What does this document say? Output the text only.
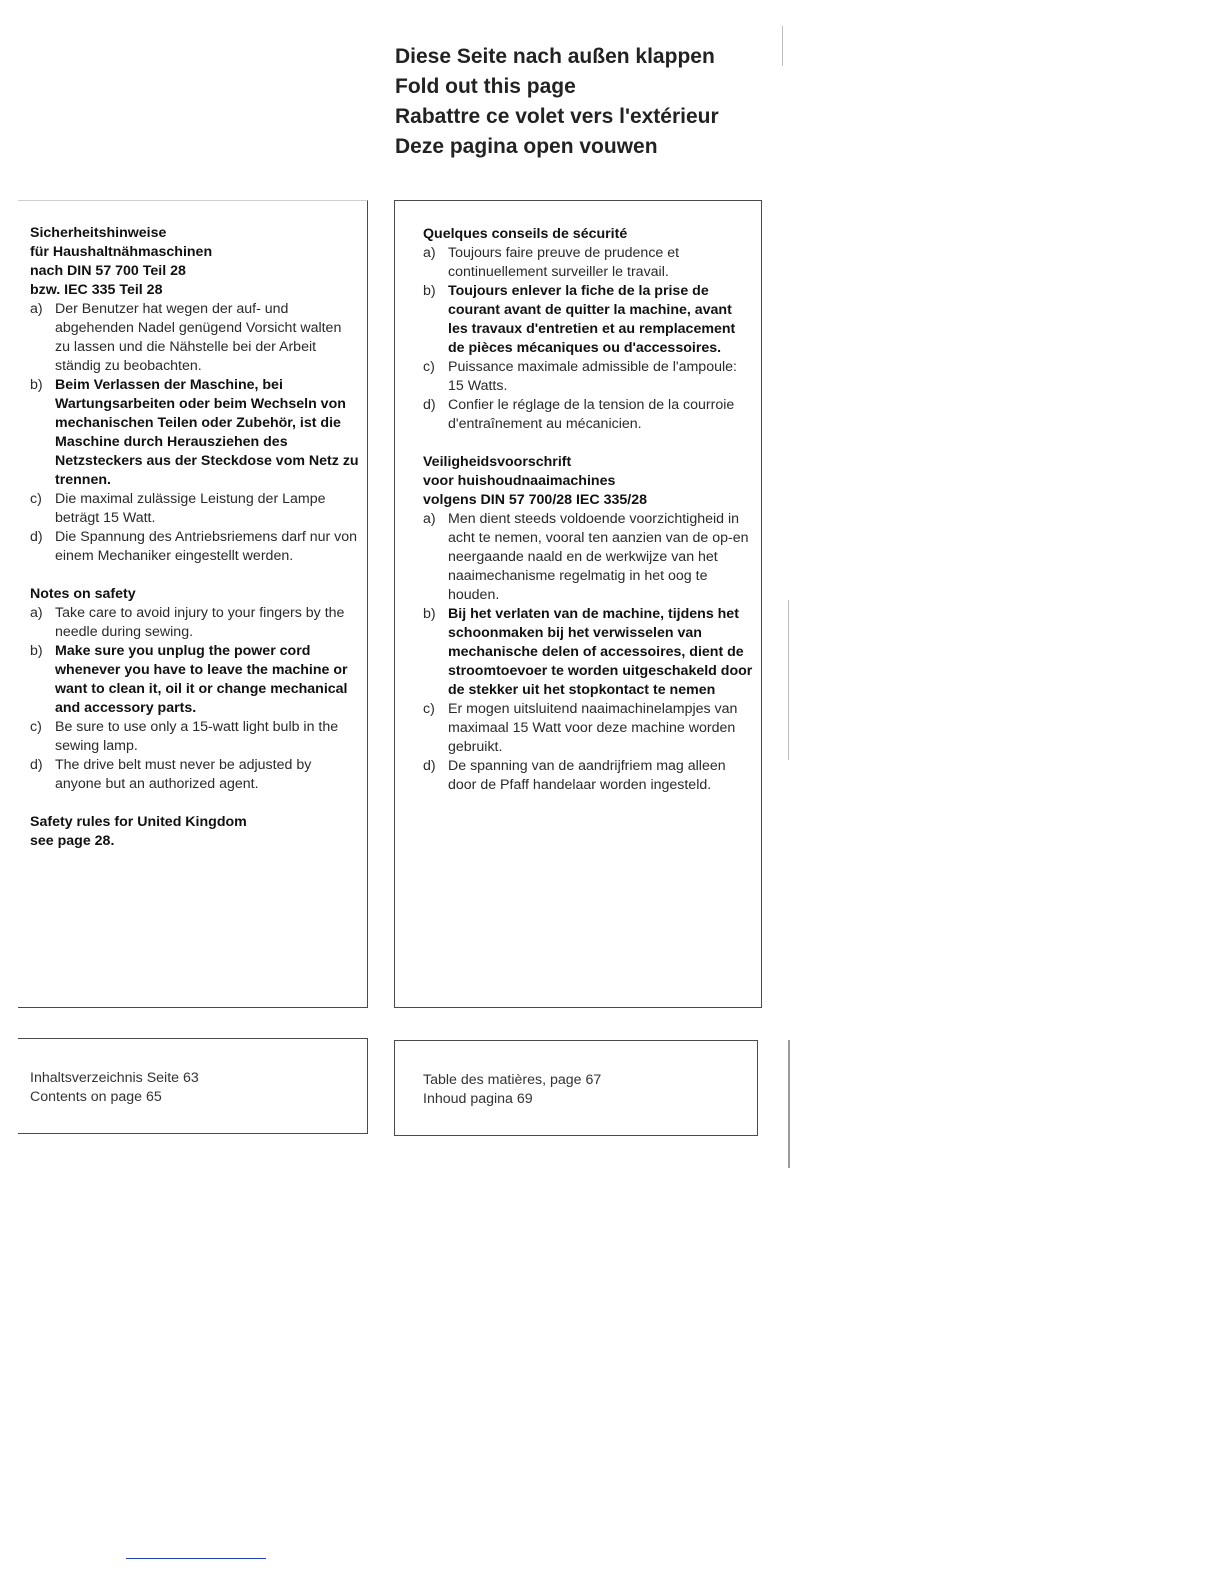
Diese Seite nach außen klappen
Fold out this page
Rabattre ce volet vers l'extérieur
Deze pagina open vouwen
Sicherheitshinweise
für Haushaltnähmaschinen
nach DIN 57 700 Teil 28
bzw. IEC 335 Teil 28
a) Der Benutzer hat wegen der auf- und abgehenden Nadel genügend Vorsicht walten zu lassen und die Nähstelle bei der Arbeit ständig zu beobachten.
b) Beim Verlassen der Maschine, bei Wartungsarbeiten oder beim Wechseln von mechanischen Teilen oder Zubehör, ist die Maschine durch Herausziehen des Netzsteckers aus der Steckdose vom Netz zu trennen.
c) Die maximal zulässige Leistung der Lampe beträgt 15 Watt.
d) Die Spannung des Antriebsriemens darf nur von einem Mechaniker eingestellt werden.
Notes on safety
a) Take care to avoid injury to your fingers by the needle during sewing.
b) Make sure you unplug the power cord whenever you have to leave the machine or want to clean it, oil it or change mechanical and accessory parts.
c) Be sure to use only a 15-watt light bulb in the sewing lamp.
d) The drive belt must never be adjusted by anyone but an authorized agent.
Safety rules for United Kingdom
see page 28.
Quelques conseils de sécurité
a) Toujours faire preuve de prudence et continuellement surveiller le travail.
b) Toujours enlever la fiche de la prise de courant avant de quitter la machine, avant les travaux d'entretien et au remplacement de pièces mécaniques ou d'accessoires.
c) Puissance maximale admissible de l'ampoule: 15 Watts.
d) Confier le réglage de la tension de la courroie d'entraînement au mécanicien.
Veiligheidsvoorschrift
voor huishoudnaaimachines
volgens DIN 57 700/28 IEC 335/28
a) Men dient steeds voldoende voorzichtigheid in acht te nemen, vooral ten aanzien van de op-en neergaande naald en de werkwijze van het naaimechanisme regelmatig in het oog te houden.
b) Bij het verlaten van de machine, tijdens het schoonmaken bij het verwisselen van mechanische delen of accessoires, dient de stroomtoevoer te worden uitgeschakeld door de stekker uit het stopkontact te nemen
c) Er mogen uitsluitend naaimachinelampjes van maximaal 15 Watt voor deze machine worden gebruikt.
d) De spanning van de aandrijfriem mag alleen door de Pfaff handelaar worden ingesteld.
Inhaltsverzeichnis Seite 63
Contents on page 65
Table des matières, page 67
Inhoud pagina 69
